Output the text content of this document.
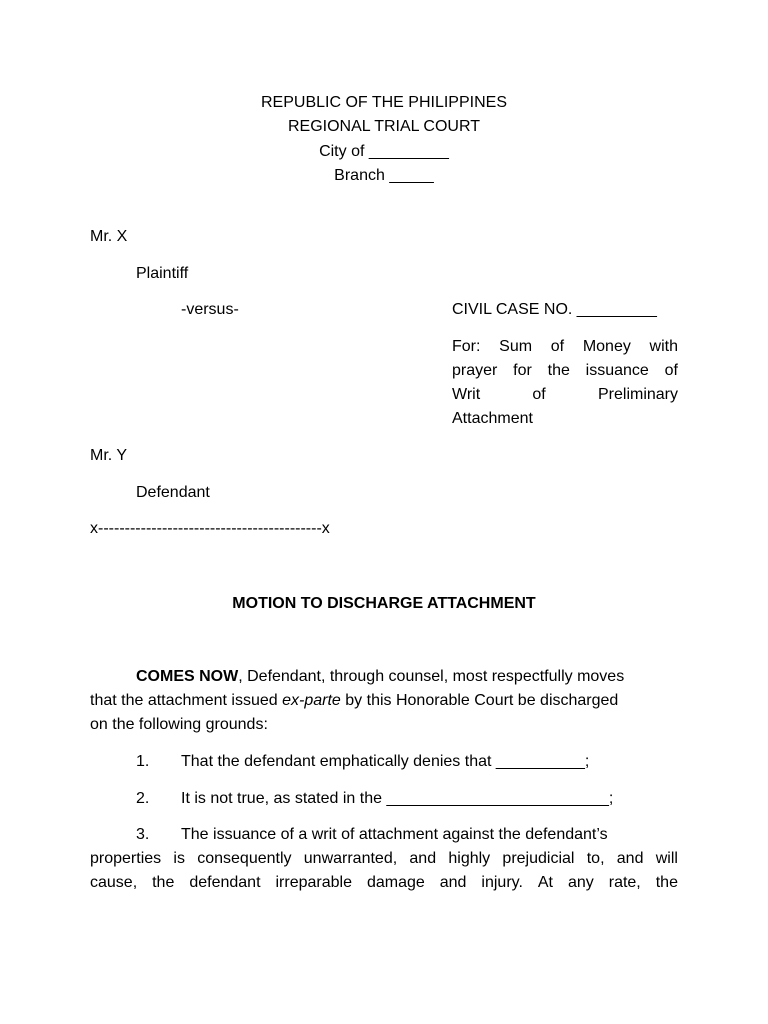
REPUBLIC OF THE PHILIPPINES
REGIONAL TRIAL COURT
City of _________
Branch _____
Mr. X
Plaintiff
-versus-	CIVIL CASE NO. _________
For: Sum of Money with
prayer for the issuance of
Writ	of	Preliminary
Attachment
Mr. Y
Defendant
x------------------------------------------x
MOTION TO DISCHARGE ATTACHMENT
COMES NOW, Defendant, through counsel, most respectfully moves
that the attachment issued ex-parte by this Honorable Court be discharged
on the following grounds:
1. That the defendant emphatically denies that __________;
2. It is not true, as stated in the _________________________;
3. The issuance of a writ of attachment against the defendant’s
properties is consequently unwarranted, and highly prejudicial to, and will
cause, the defendant irreparable damage and injury. At any rate, the
